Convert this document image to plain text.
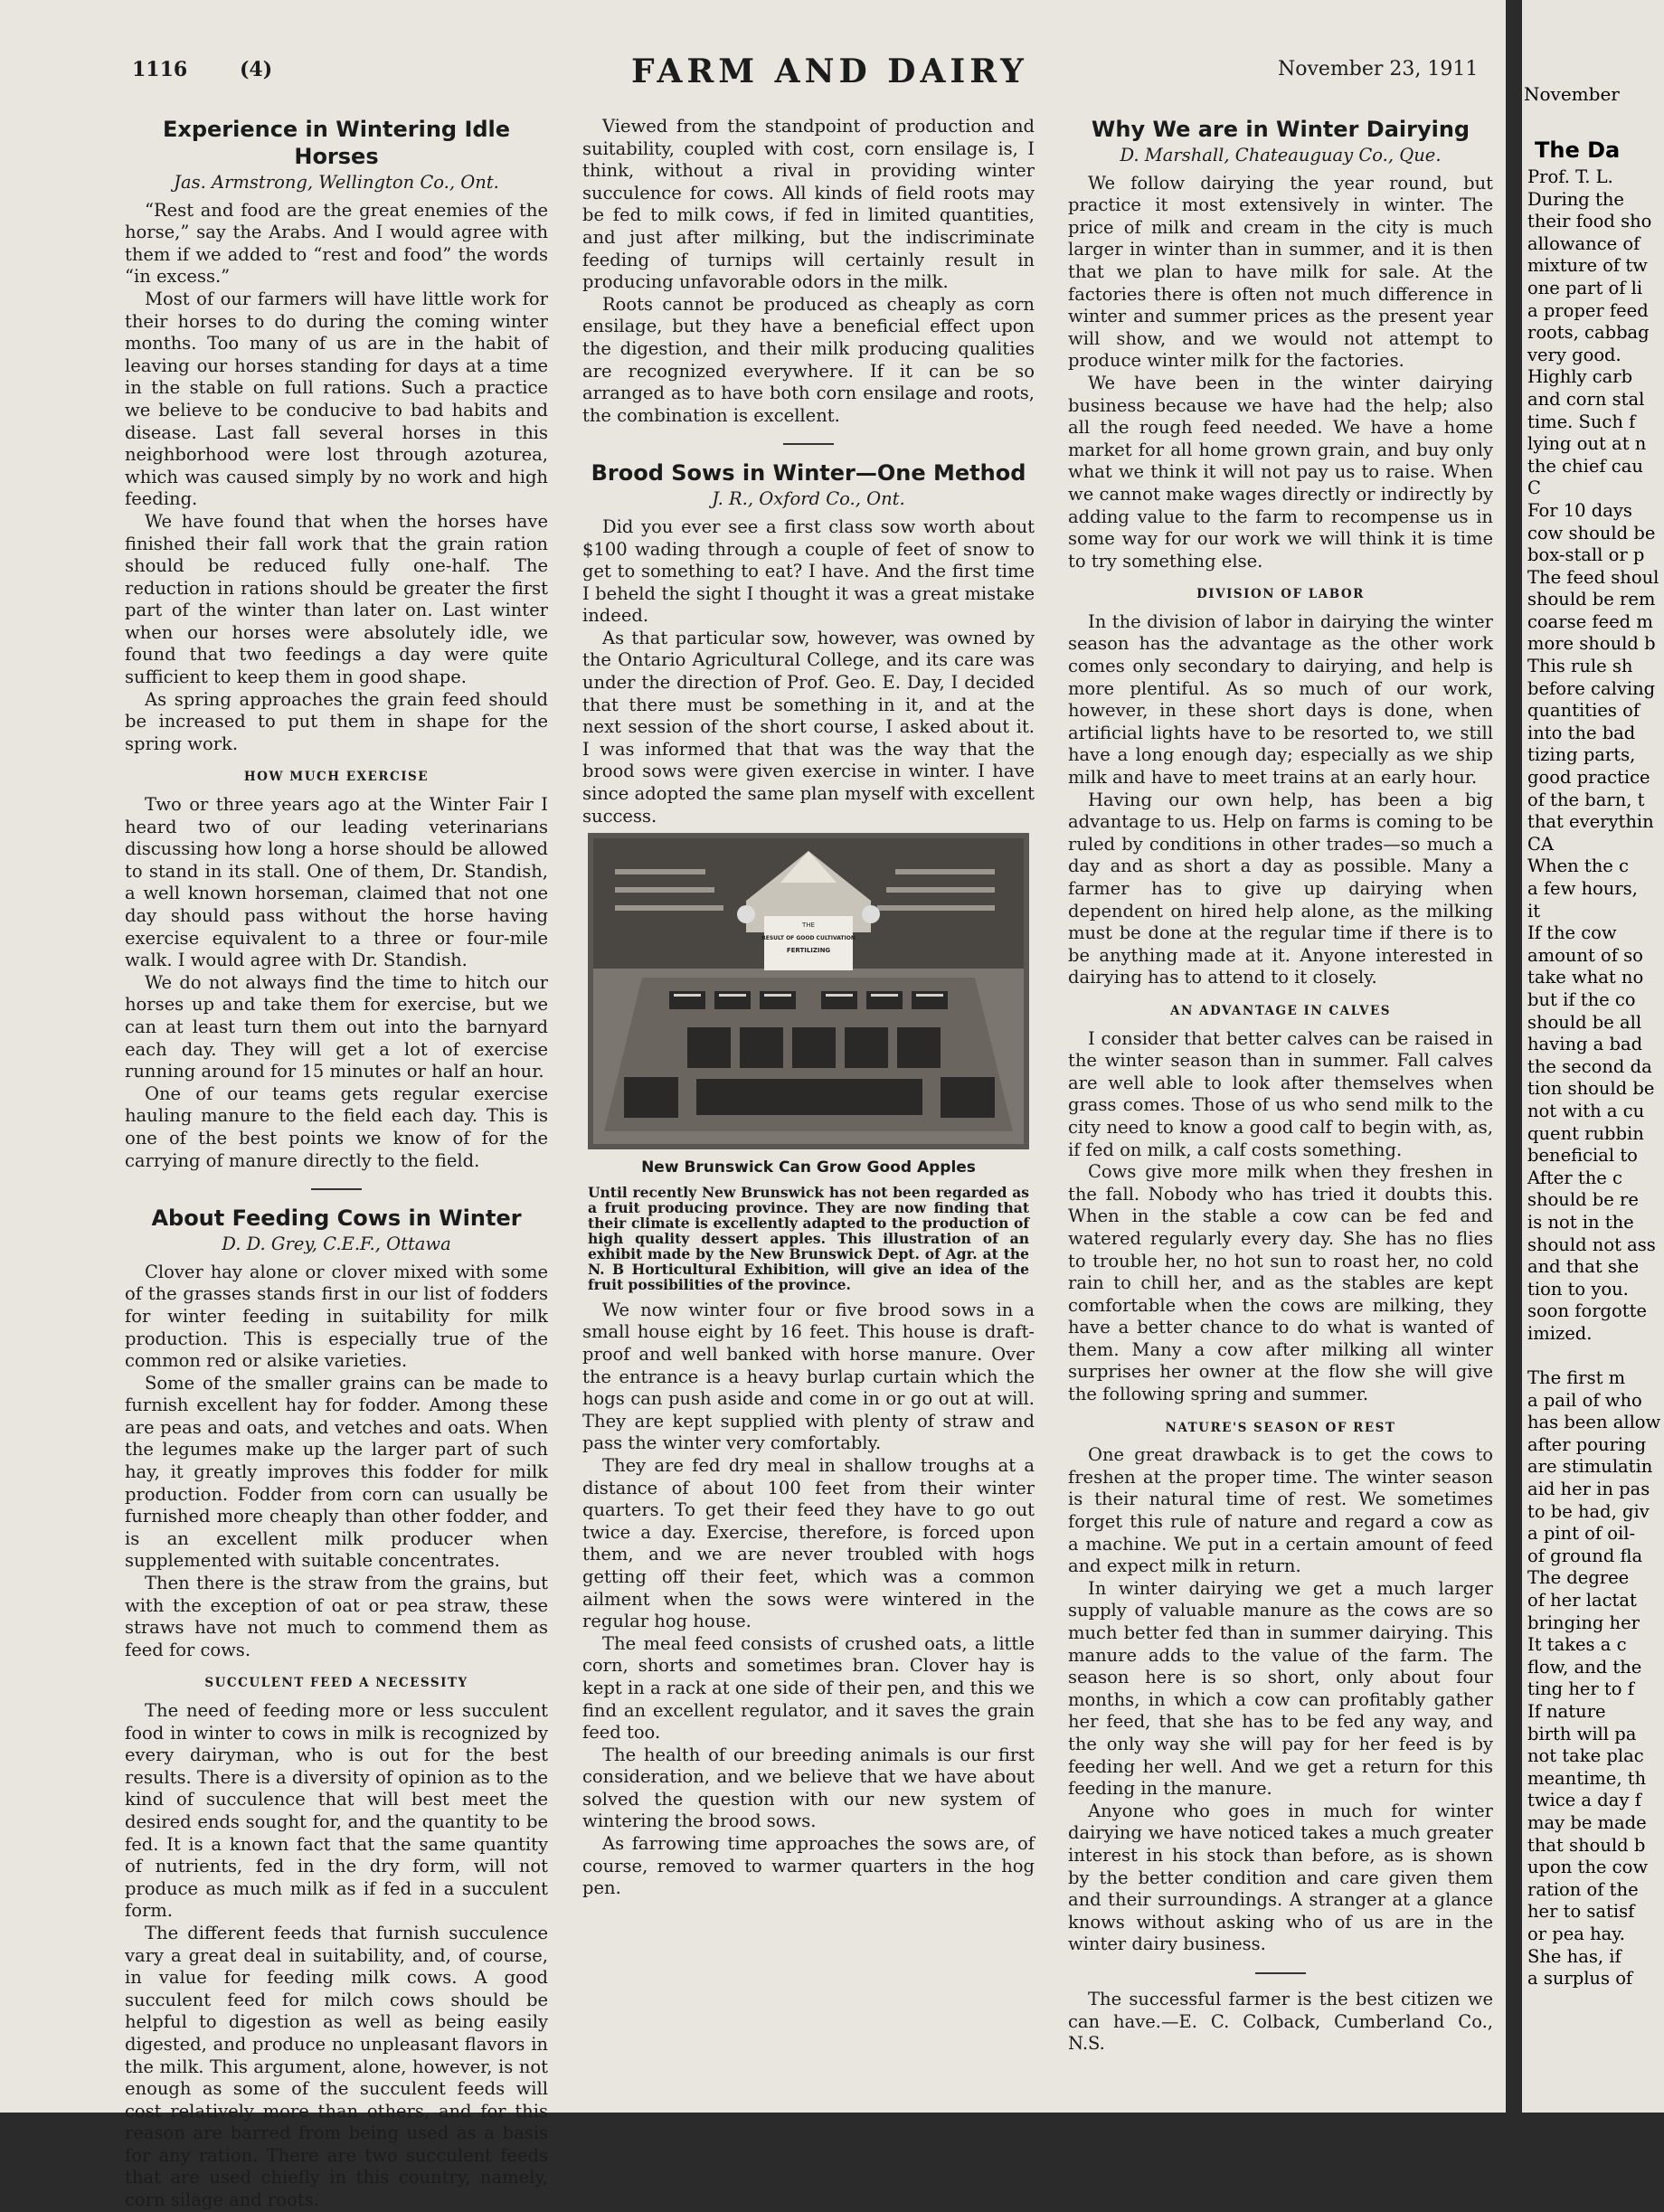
1116	(4)	FARM AND DAIRY	November 23, 1911
Experience in Wintering Idle Horses
Jas. Armstrong, Wellington Co., Ont.

“Rest and food are the great enemies of the horse,” say the Arabs. And I would agree with them if we added to “rest and food” the words “in excess.”

Most of our farmers will have little work for their horses to do during the coming winter months. Too many of us are in the habit of leaving our horses standing for days at a time in the stable on full rations. Such a practice we believe to be conducive to bad habits and disease. Last fall several horses in this neighborhood were lost through azoturea, which was caused simply by no work and high feeding.

We have found that when the horses have finished their fall work that the grain ration should be reduced fully one-half. The reduction in rations should be greater the first part of the winter than later on. Last winter when our horses were absolutely idle, we found that two feedings a day were quite sufficient to keep them in good shape.

As spring approaches the grain feed should be increased to put them in shape for the spring work.

HOW MUCH EXERCISE

Two or three years ago at the Winter Fair I heard two of our leading veterinarians discussing how long a horse should be allowed to stand in its stall. One of them, Dr. Standish, a well known horseman, claimed that not one day should pass without the horse having exercise equivalent to a three or four-mile walk. I would agree with Dr. Standish.

We do not always find the time to hitch our horses up and take them for exercise, but we can at least turn them out into the barnyard each day. They will get a lot of exercise running around for 15 minutes or half an hour.

One of our teams gets regular exercise hauling manure to the field each day. This is one of the best points we know of for the carrying of manure directly to the field.

About Feeding Cows in Winter
D. D. Grey, C.E.F., Ottawa

Clover hay alone or clover mixed with some of the grasses stands first in our list of fodders for winter feeding in suitability for milk production. This is especially true of the common red or alsike varieties.

Some of the smaller grains can be made to furnish excellent hay for fodder. Among these are peas and oats, and vetches and oats. When the legumes make up the larger part of such hay, it greatly improves this fodder for milk production. Fodder from corn can usually be furnished more cheaply than other fodder, and is an excellent milk producer when supplemented with suitable concentrates.

Then there is the straw from the grains, but with the exception of oat or pea straw, these straws have not much to commend them as feed for cows.

SUCCULENT FEED A NECESSITY

The need of feeding more or less succulent food in winter to cows in milk is recognized by every dairyman, who is out for the best results. There is a diversity of opinion as to the kind of succulence that will best meet the desired ends sought for, and the quantity to be fed. It is a known fact that the same quantity of nutrients, fed in the dry form, will not produce as much milk as if fed in a succulent form.

The different feeds that furnish succulence vary a great deal in suitability, and, of course, in value for feeding milk cows. A good succulent feed for milch cows should be helpful to digestion as well as being easily digested, and produce no unpleasant flavors in the milk. This argument, alone, however, is not enough as some of the succulent feeds will cost relatively more than others, and for this reason are barred from being used as a basis for any ration. There are two succulent feeds that are used chiefly in this country, namely, corn silage and roots.

Viewed from the standpoint of production and suitability, coupled with cost, corn ensilage is, I think, without a rival in providing winter succulence for cows. All kinds of field roots may be fed to milk cows, if fed in limited quantities, and just after milking, but the indiscriminate feeding of turnips will certainly result in producing unfavorable odors in the milk.

Roots cannot be produced as cheaply as corn ensilage, but they have a beneficial effect upon the digestion, and their milk producing qualities are recognized everywhere. If it can be so arranged as to have both corn ensilage and roots, the combination is excellent.

Brood Sows in Winter—One Method
J. R., Oxford Co., Ont.

Did you ever see a first class sow worth about $100 wading through a couple of feet of snow to get to something to eat? I have. And the first time I beheld the sight I thought it was a great mistake indeed.

As that particular sow, however, was owned by the Ontario Agricultural College, and its care was under the direction of Prof. Geo. E. Day, I decided that there must be something in it, and at the next session of the short course, I asked about it. I was informed that that was the way that the brood sows were given exercise in winter. I have since adopted the same plan myself with excellent success.

THE
RESULT OF GOOD CULTIVATION
FERTILIZING
New Brunswick Can Grow Good Apples

Until recently New Brunswick has not been regarded as a fruit producing province. They are now finding that their climate is excellently adapted to the production of high quality dessert apples. This illustration of an exhibit made by the New Brunswick Dept. of Agr. at the N. B Horticultural Exhibition, will give an idea of the fruit possibilities of the province.

We now winter four or five brood sows in a small house eight by 16 feet. This house is draft-proof and well banked with horse manure. Over the entrance is a heavy burlap curtain which the hogs can push aside and come in or go out at will. They are kept supplied with plenty of straw and pass the winter very comfortably.

They are fed dry meal in shallow troughs at a distance of about 100 feet from their winter quarters. To get their feed they have to go out twice a day. Exercise, therefore, is forced upon them, and we are never troubled with hogs getting off their feet, which was a common ailment when the sows were wintered in the regular hog house.

The meal feed consists of crushed oats, a little corn, shorts and sometimes bran. Clover hay is kept in a rack at one side of their pen, and this we find an excellent regulator, and it saves the grain feed too.

The health of our breeding animals is our first consideration, and we believe that we have about solved the question with our new system of wintering the brood sows.

As farrowing time approaches the sows are, of course, removed to warmer quarters in the hog pen.

Why We are in Winter Dairying
D. Marshall, Chateauguay Co., Que.

We follow dairying the year round, but practice it most extensively in winter. The price of milk and cream in the city is much larger in winter than in summer, and it is then that we plan to have milk for sale. At the factories there is often not much difference in winter and summer prices as the present year will show, and we would not attempt to produce winter milk for the factories.

We have been in the winter dairying business because we have had the help; also all the rough feed needed. We have a home market for all home grown grain, and buy only what we think it will not pay us to raise. When we cannot make wages directly or indirectly by adding value to the farm to recompense us in some way for our work we will think it is time to try something else.

DIVISION OF LABOR

In the division of labor in dairying the winter season has the advantage as the other work comes only secondary to dairying, and help is more plentiful. As so much of our work, however, in these short days is done, when artificial lights have to be resorted to, we still have a long enough day; especially as we ship milk and have to meet trains at an early hour.

Having our own help, has been a big advantage to us. Help on farms is coming to be ruled by conditions in other trades—so much a day and as short a day as possible. Many a farmer has to give up dairying when dependent on hired help alone, as the milking must be done at the regular time if there is to be anything made at it. Anyone interested in dairying has to attend to it closely.

AN ADVANTAGE IN CALVES

I consider that better calves can be raised in the winter season than in summer. Fall calves are well able to look after themselves when grass comes. Those of us who send milk to the city need to know a good calf to begin with, as, if fed on milk, a calf costs something.

Cows give more milk when they freshen in the fall. Nobody who has tried it doubts this. When in the stable a cow can be fed and watered regularly every day. She has no flies to trouble her, no hot sun to roast her, no cold rain to chill her, and as the stables are kept comfortable when the cows are milking, they have a better chance to do what is wanted of them. Many a cow after milking all winter surprises her owner at the flow she will give the following spring and summer.

NATURE'S SEASON OF REST

One great drawback is to get the cows to freshen at the proper time. The winter season is their natural time of rest. We sometimes forget this rule of nature and regard a cow as a machine. We put in a certain amount of feed and expect milk in return.

In winter dairying we get a much larger supply of valuable manure as the cows are so much better fed than in summer dairying. This manure adds to the value of the farm. The season here is so short, only about four months, in which a cow can profitably gather her feed, that she has to be fed any way, and the only way she will pay for her feed is by feeding her well. And we get a return for this feeding in the manure.

Anyone who goes in much for winter dairying we have noticed takes a much greater interest in his stock than before, as is shown by the better condition and care given them and their surroundings. A stranger at a glance knows without asking who of us are in the winter dairy business.

The successful farmer is the best citizen we can have.—E. C. Colback, Cumberland Co., N.S.

November
The Da
Prof. T. L.
During the
their food sho
allowance of
mixture of tw
one part of li
a proper feed
roots, cabbag
very good.
Highly carb
and corn stal
time. Such f
lying out at n
the chief cau
C
For 10 days
cow should be
box-stall or p
The feed shoul
should be rem
coarse feed m
more should b
This rule sh
before calving
quantities of
into the bad
tizing parts,
good practice
of the barn, t
that everythin
CA
When the c
a few hours,
it
If the cow
amount of so
take what no
but if the co
should be all
having a bad
the second da
tion should be
not with a cu
quent rubbin
beneficial to
After the c
should be re
is not in the
should not ass
and that she
tion to you.
soon forgotte
imized.

The first m
a pail of who
has been allow
after pouring
are stimulatin
aid her in pas
to be had, giv
a pint of oil-
of ground fla
The degree
of her lactat
bringing her
It takes a c
flow, and the
ting her to f
If nature
birth will pa
not take plac
meantime, th
twice a day f
may be made
that should b
upon the cow
ration of the
her to satisf
or pea hay.
She has, if
a surplus of
